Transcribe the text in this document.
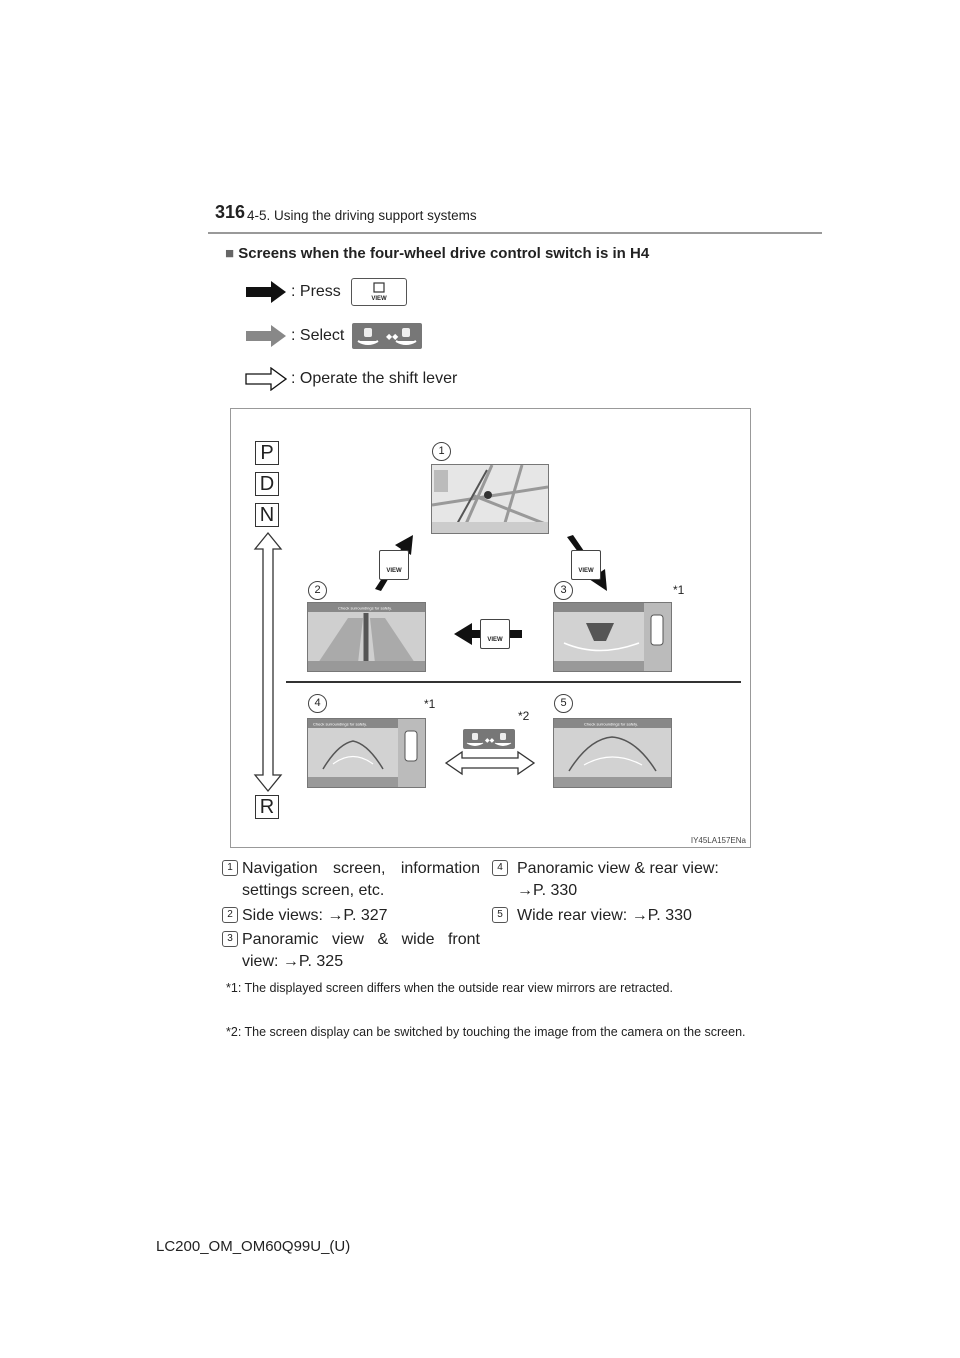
316 4-5. Using the driving support systems
■ Screens when the four-wheel drive control switch is in H4
: Press	VIEW
: Select	◆◆
: Operate the shift lever
P
D
N
R
1
2	3
4	5
*1
*1
*2
Check surroundings for safety.
Check surroundings for safety.	Check surroundings for safety.
VIEW	VIEW
VIEW
◆◆
IY45LA157ENa
1 Navigation screen, information settings screen, etc.
4 Panoramic view & rear view: →P. 330
2 Side views: →P. 327	5 Wide rear view: →P. 330
3 Panoramic view & wide front view: →P. 325
*1: The displayed screen differs when the outside rear view mirrors are retracted.
*2: The screen display can be switched by touching the image from the camera on the screen.
LC200_OM_OM60Q99U_(U)
